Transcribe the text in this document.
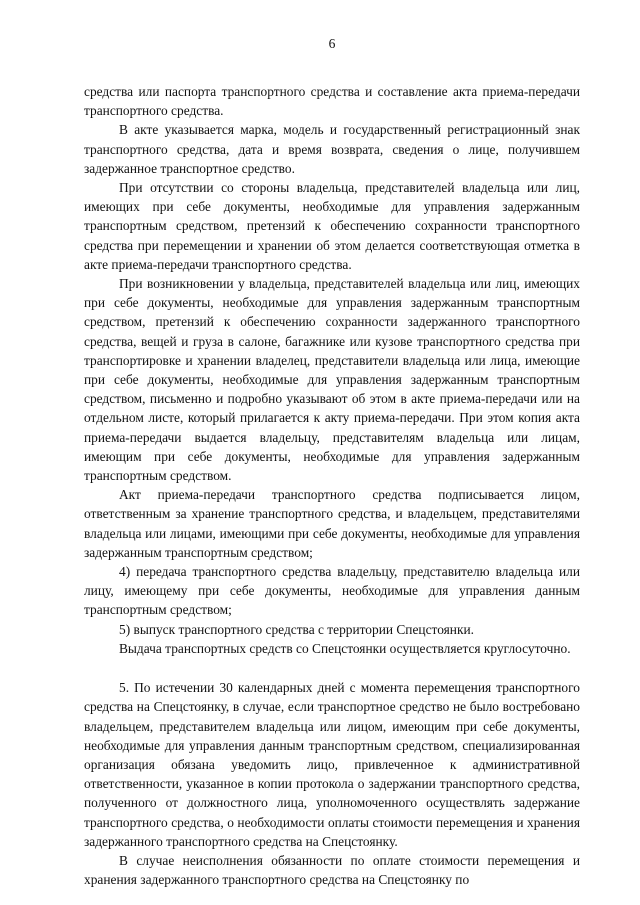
6

средства или паспорта транспортного средства и составление акта приема-передачи транспортного средства.

В акте указывается марка, модель и государственный регистрационный знак транспортного средства, дата и время возврата, сведения о лице, получившем задержанное транспортное средство.

При отсутствии со стороны владельца, представителей владельца или лиц, имеющих при себе документы, необходимые для управления задержанным транспортным средством, претензий к обеспечению сохранности транспортного средства при перемещении и хранении об этом делается соответствующая отметка в акте приема-передачи транспортного средства.

При возникновении у владельца, представителей владельца или лиц, имеющих при себе документы, необходимые для управления задержанным транспортным средством, претензий к обеспечению сохранности задержанного транспортного средства, вещей и груза в салоне, багажнике или кузове транспортного средства при транспортировке и хранении владелец, представители владельца или лица, имеющие при себе документы, необходимые для управления задержанным транспортным средством, письменно и подробно указывают об этом в акте приема-передачи или на отдельном листе, который прилагается к акту приема-передачи. При этом копия акта приема-передачи выдается владельцу, представителям владельца или лицам, имеющим при себе документы, необходимые для управления задержанным транспортным средством.

Акт приема-передачи транспортного средства подписывается лицом, ответственным за хранение транспортного средства, и владельцем, представителями владельца или лицами, имеющими при себе документы, необходимые для управления задержанным транспортным средством;

4) передача транспортного средства владельцу, представителю владельца или лицу, имеющему при себе документы, необходимые для управления данным транспортным средством;

5) выпуск транспортного средства с территории Спецстоянки.

Выдача транспортных средств со Спецстоянки осуществляется круглосуточно.

5. По истечении 30 календарных дней с момента перемещения транспортного средства на Спецстоянку, в случае, если транспортное средство не было востребовано владельцем, представителем владельца или лицом, имеющим при себе документы, необходимые для управления данным транспортным средством, специализированная организация обязана уведомить лицо, привлеченное к административной ответственности, указанное в копии протокола о задержании транспортного средства, полученного от должностного лица, уполномоченного осуществлять задержание транспортного средства, о необходимости оплаты стоимости перемещения и хранения задержанного транспортного средства на Спецстоянку.

В случае неисполнения обязанности по оплате стоимости перемещения и хранения задержанного транспортного средства на Спецстоянку по
